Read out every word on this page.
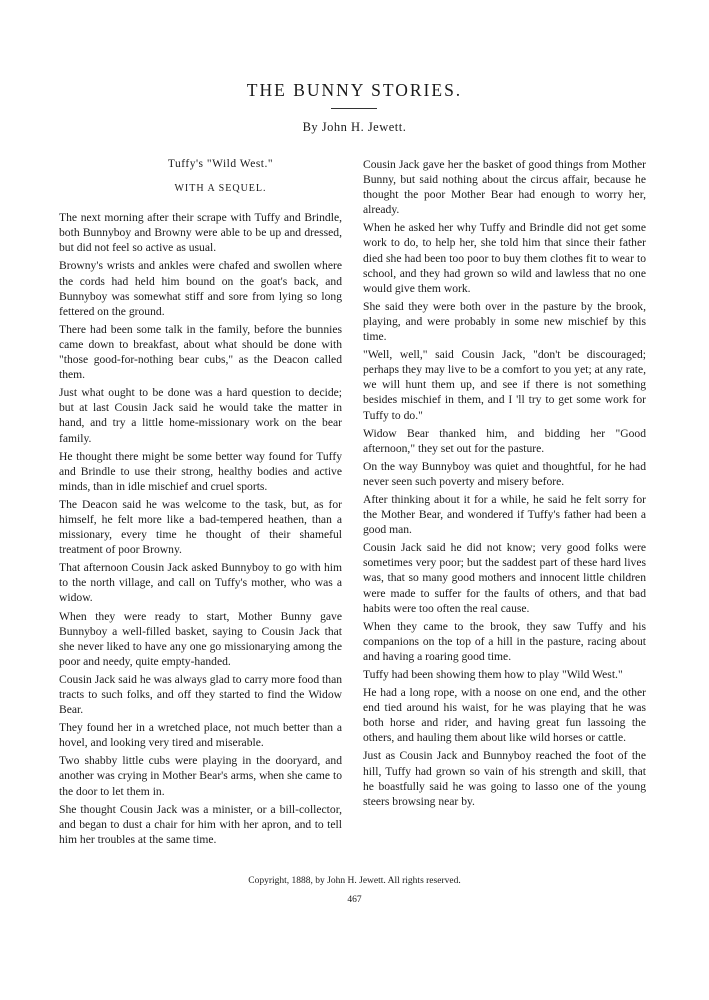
THE BUNNY STORIES.
By John H. Jewett.
Tuffy's "Wild West."
WITH A SEQUEL.

The next morning after their scrape with Tuffy and Brindle, both Bunnyboy and Browny were able to be up and dressed, but did not feel so active as usual.

Browny's wrists and ankles were chafed and swollen where the cords had held him bound on the goat's back, and Bunnyboy was somewhat stiff and sore from lying so long fettered on the ground.

There had been some talk in the family, before the bunnies came down to breakfast, about what should be done with "those good-for-nothing bear cubs," as the Deacon called them.

Just what ought to be done was a hard question to decide; but at last Cousin Jack said he would take the matter in hand, and try a little home-missionary work on the bear family.

He thought there might be some better way found for Tuffy and Brindle to use their strong, healthy bodies and active minds, than in idle mischief and cruel sports.

The Deacon said he was welcome to the task, but, as for himself, he felt more like a bad-tempered heathen, than a missionary, every time he thought of their shameful treatment of poor Browny.

That afternoon Cousin Jack asked Bunnyboy to go with him to the north village, and call on Tuffy's mother, who was a widow.

When they were ready to start, Mother Bunny gave Bunnyboy a well-filled basket, saying to Cousin Jack that she never liked to have any one go missionarying among the poor and needy, quite empty-handed.

Cousin Jack said he was always glad to carry more food than tracts to such folks, and off they started to find the Widow Bear.

They found her in a wretched place, not much better than a hovel, and looking very tired and miserable.

Two shabby little cubs were playing in the dooryard, and another was crying in Mother Bear's arms, when she came to the door to let them in.

She thought Cousin Jack was a minister, or a bill-collector, and began to dust a chair for him with her apron, and to tell him her troubles at the same time.

Cousin Jack gave her the basket of good things from Mother Bunny, but said nothing about the circus affair, because he thought the poor Mother Bear had enough to worry her, already.

When he asked her why Tuffy and Brindle did not get some work to do, to help her, she told him that since their father died she had been too poor to buy them clothes fit to wear to school, and they had grown so wild and lawless that no one would give them work.

She said they were both over in the pasture by the brook, playing, and were probably in some new mischief by this time.

"Well, well," said Cousin Jack, "don't be discouraged; perhaps they may live to be a comfort to you yet; at any rate, we will hunt them up, and see if there is not something besides mischief in them, and I 'll try to get some work for Tuffy to do."

Widow Bear thanked him, and bidding her "Good afternoon," they set out for the pasture.

On the way Bunnyboy was quiet and thoughtful, for he had never seen such poverty and misery before.

After thinking about it for a while, he said he felt sorry for the Mother Bear, and wondered if Tuffy's father had been a good man.

Cousin Jack said he did not know; very good folks were sometimes very poor; but the saddest part of these hard lives was, that so many good mothers and innocent little children were made to suffer for the faults of others, and that bad habits were too often the real cause.

When they came to the brook, they saw Tuffy and his companions on the top of a hill in the pasture, racing about and having a roaring good time.

Tuffy had been showing them how to play "Wild West."

He had a long rope, with a noose on one end, and the other end tied around his waist, for he was playing that he was both horse and rider, and having great fun lassoing the others, and hauling them about like wild horses or cattle.

Just as Cousin Jack and Bunnyboy reached the foot of the hill, Tuffy had grown so vain of his strength and skill, that he boastfully said he was going to lasso one of the young steers browsing near by.

Copyright, 1888, by John H. Jewett. All rights reserved.
467
